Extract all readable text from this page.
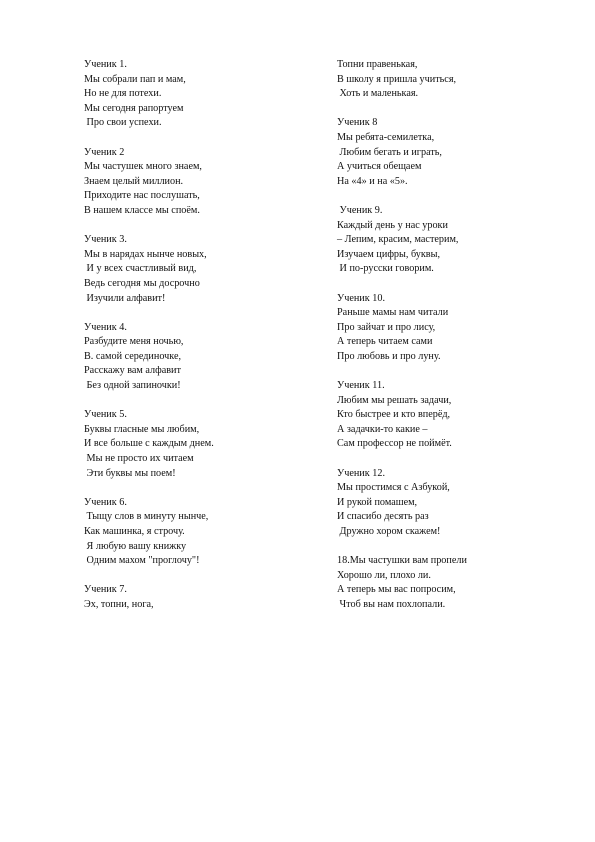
Ученик 1.
Мы собрали пап и мам,
Но не для потехи.
Мы сегодня рапортуем
Про свои успехи.
Ученик 2
Мы частушек много знаем,
Знаем целый миллион.
Приходите нас послушать,
В нашем классе мы споём.
Ученик 3.
Мы в нарядах нынче новых,
И у всех счастливый вид,
Ведь сегодня мы досрочно
Изучили алфавит!
Ученик 4.
Разбудите меня ночью,
В. самой серединочке,
Расскажу вам алфавит
Без одной запиночки!
Ученик 5.
Буквы гласные мы любим,
И все больше с каждым днем.
Мы не просто их читаем
Эти буквы мы поем!
Ученик 6.
Тыщу слов в минуту нынче,
Как машинка, я строчу.
Я любую вашу книжку
Одним махом "проглочу"!
Ученик 7.
Эх, топни, нога,
Топни правенькая,
В школу я пришла учиться,
Хоть и маленькая.
Ученик 8
Мы ребята-семилетка,
Любим бегать и играть,
А учиться обещаем
На «4» и на «5».
Ученик 9.
Каждый день у нас уроки
– Лепим, красим, мастерим,
Изучаем цифры, буквы,
И по-русски говорим.
Ученик 10.
Раньше мамы нам читали
Про зайчат и про лису,
А теперь читаем сами
Про любовь и про луну.
Ученик 11.
Любим мы решать задачи,
Кто быстрее и кто вперёд,
А задачки-то какие –
Сам профессор не поймёт.
Ученик 12.
Мы простимся с Азбукой,
И рукой помашем,
И спасибо десять раз
Дружно хором скажем!
18.Мы частушки вам пропели
Хорошо ли, плохо ли.
А теперь мы вас попросим,
Чтоб вы нам похлопали.
